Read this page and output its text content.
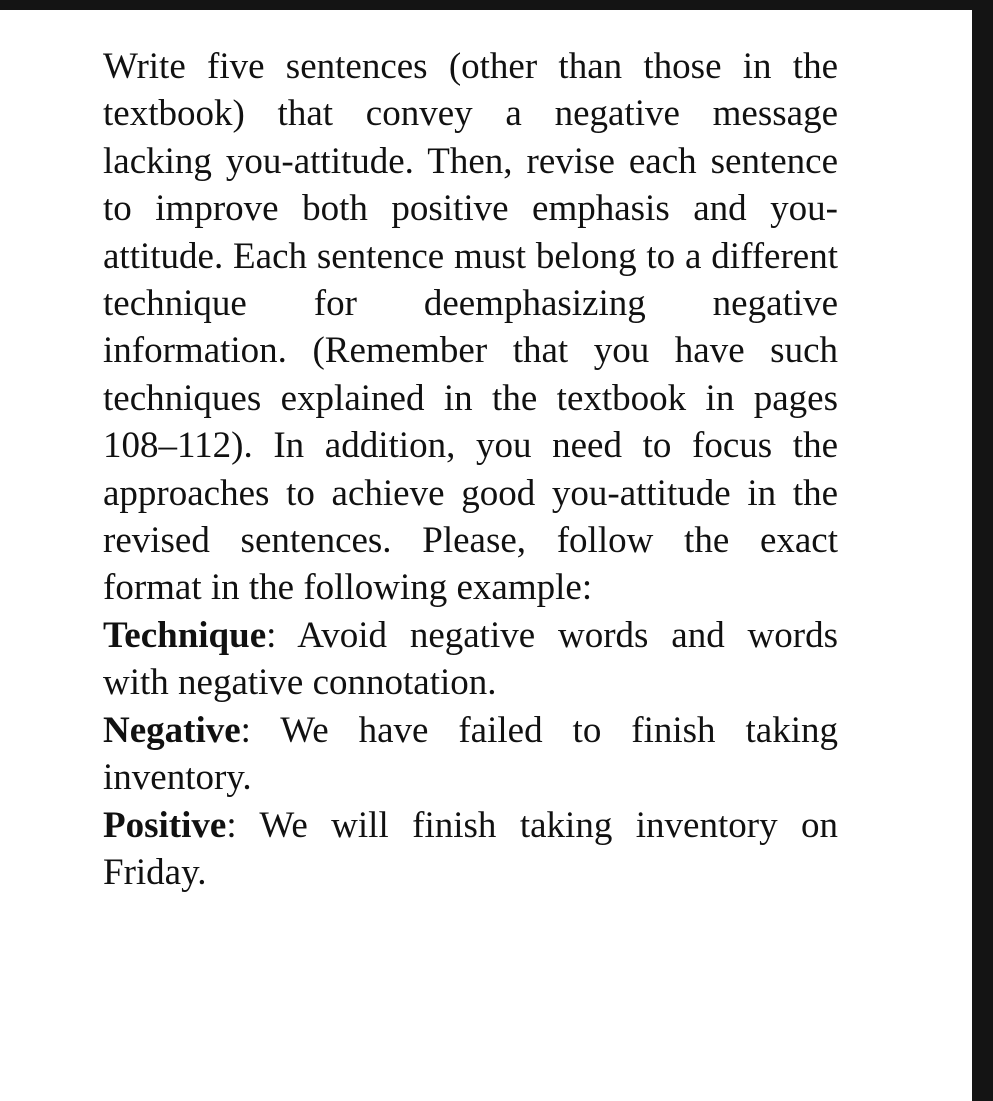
Write five sentences (other than those in the textbook) that convey a negative message lacking you-attitude. Then, revise each sentence to improve both positive emphasis and you-attitude. Each sentence must belong to a different technique for deemphasizing negative information. (Remember that you have such techniques explained in the textbook in pages 108–112). In addition, you need to focus the approaches to achieve good you-attitude in the revised sentences. Please, follow the exact format in the following example:

Technique: Avoid negative words and words with negative connotation.

Negative: We have failed to finish taking inventory.

Positive: We will finish taking inventory on Friday.
